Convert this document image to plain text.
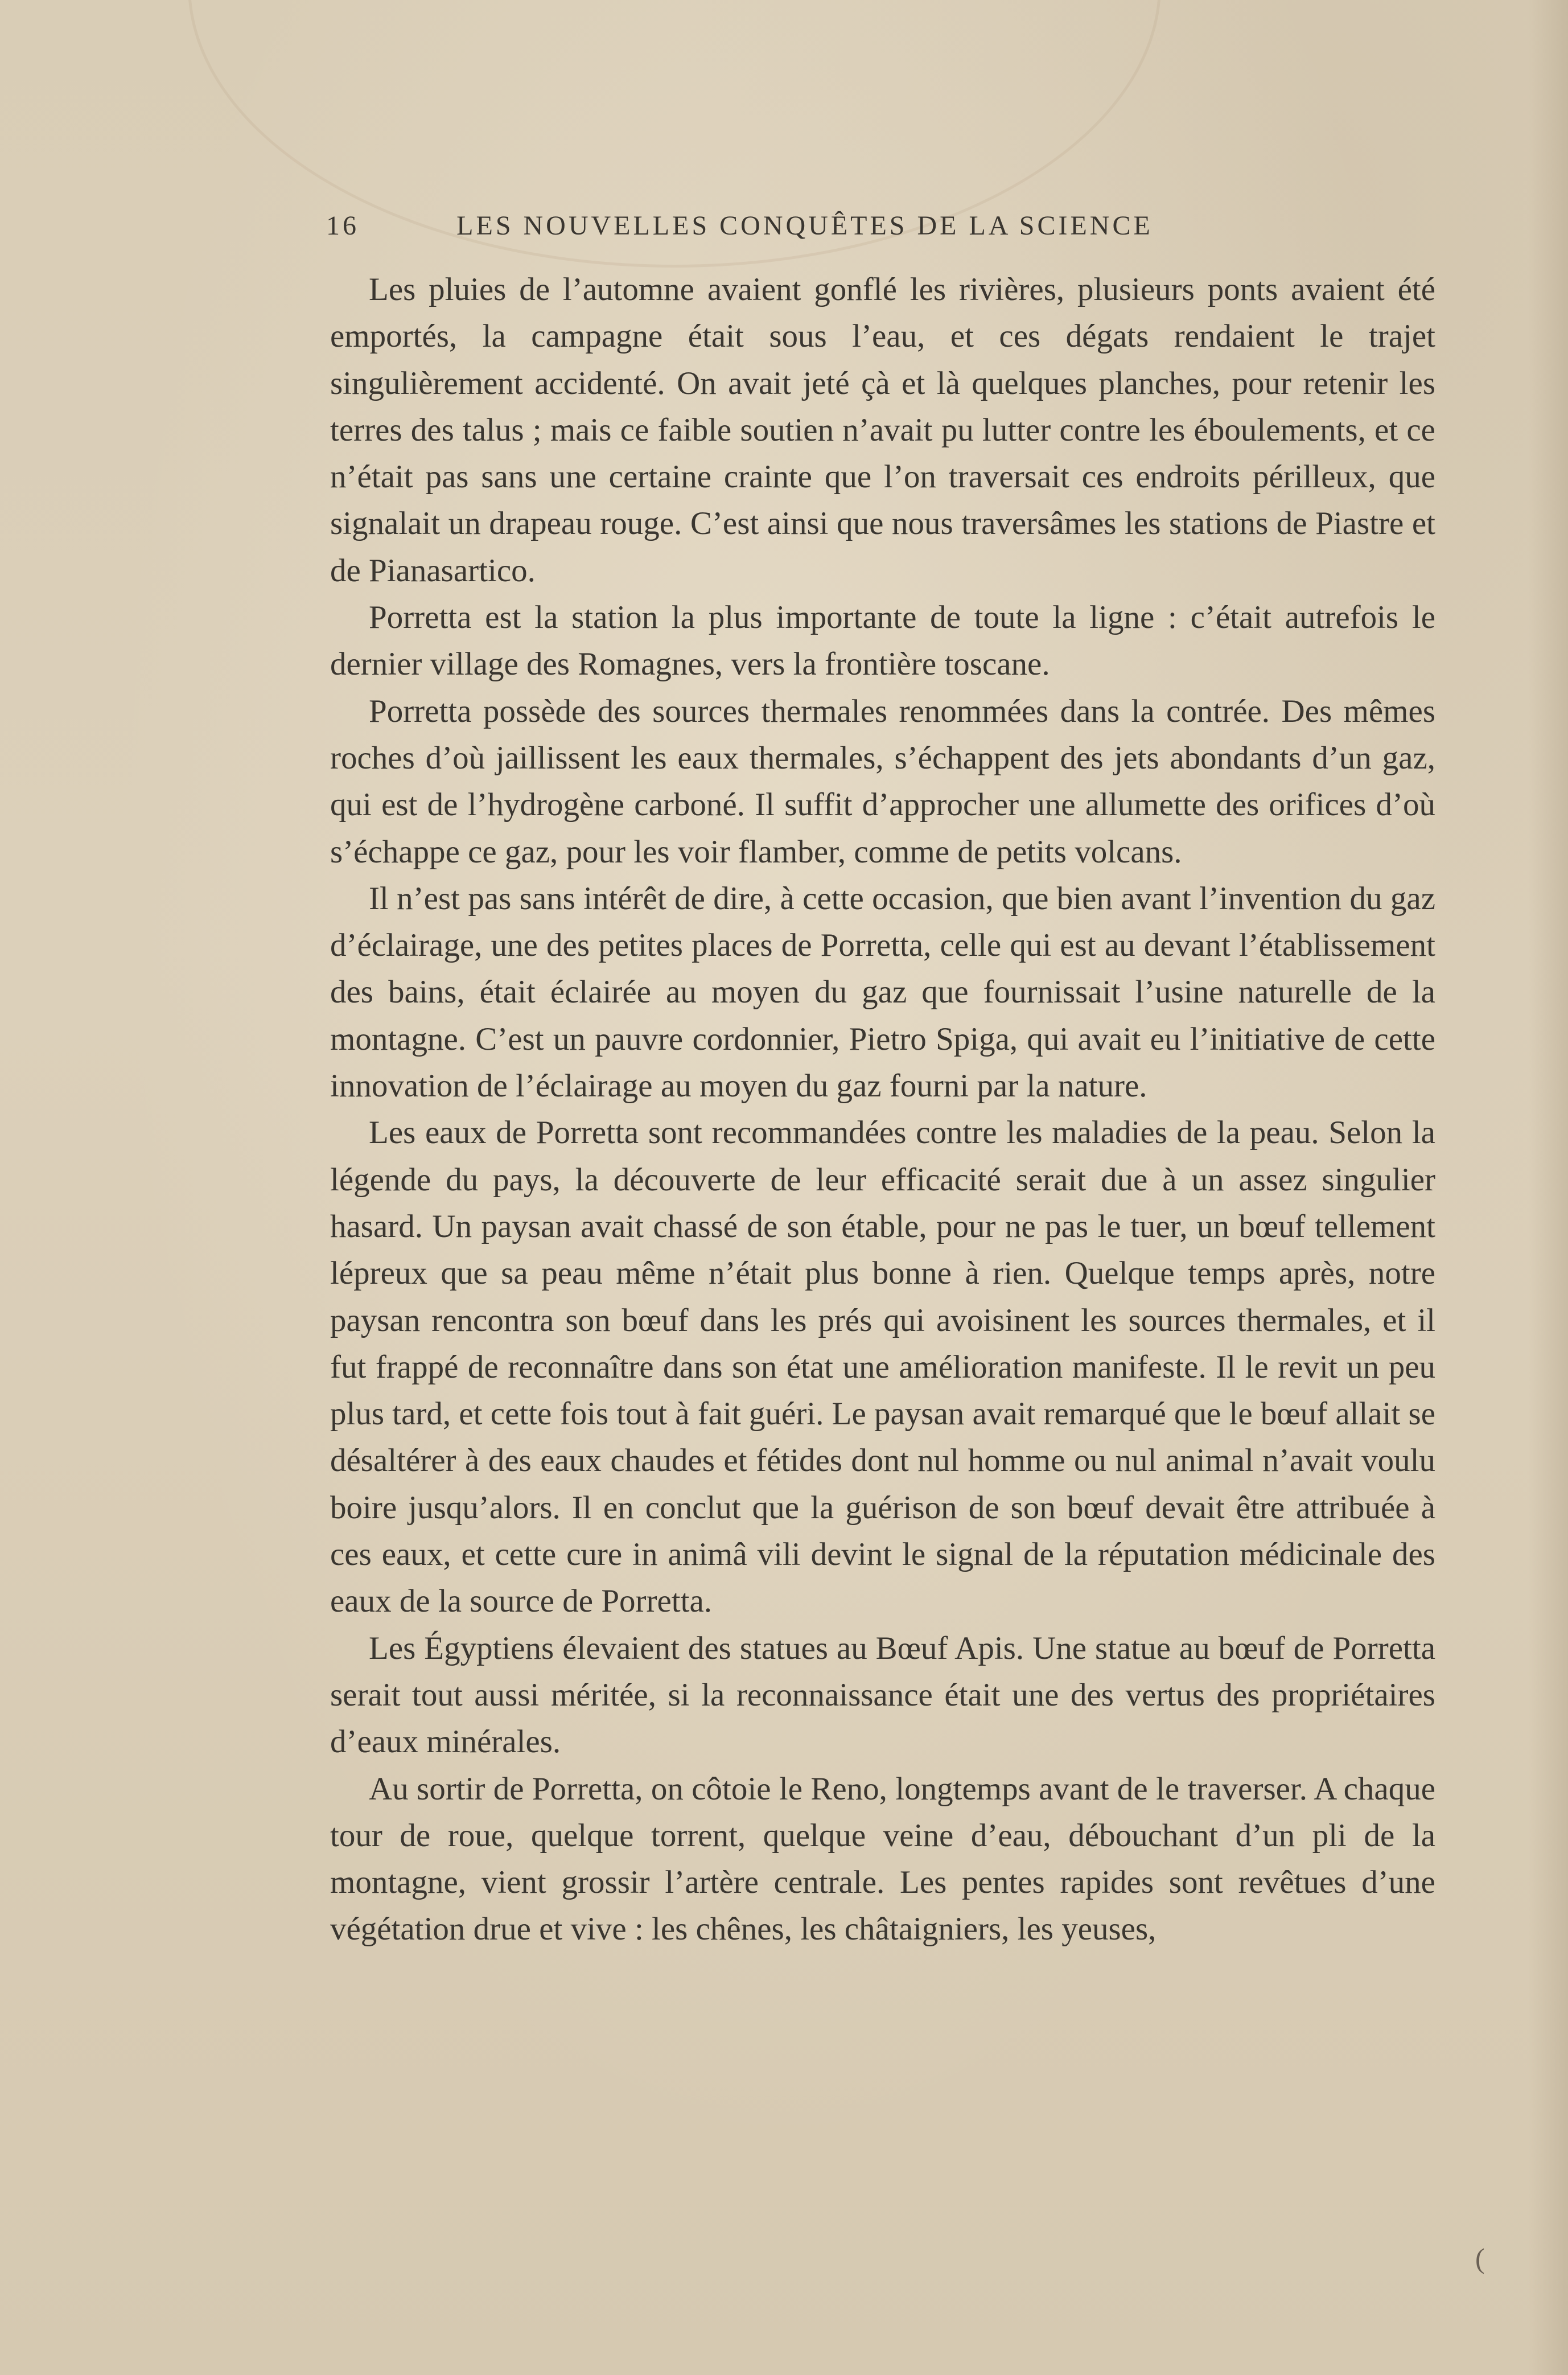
16	LES NOUVELLES CONQUÊTES DE LA SCIENCE

Les pluies de l’automne avaient gonflé les rivières, plusieurs ponts avaient été emportés, la campagne était sous l’eau, et ces dégats rendaient le trajet singulièrement accidenté. On avait jeté çà et là quelques planches, pour retenir les terres des talus ; mais ce faible soutien n’avait pu lutter contre les éboulements, et ce n’était pas sans une certaine crainte que l’on traversait ces endroits périlleux, que signalait un drapeau rouge. C’est ainsi que nous traversâmes les stations de Piastre et de Pianasartico.

Porretta est la station la plus importante de toute la ligne : c’était autrefois le dernier village des Romagnes, vers la frontière toscane.

Porretta possède des sources thermales renommées dans la contrée. Des mêmes roches d’où jaillissent les eaux thermales, s’échappent des jets abondants d’un gaz, qui est de l’hydrogène carboné. Il suffit d’approcher une allumette des orifices d’où s’échappe ce gaz, pour les voir flamber, comme de petits volcans.

Il n’est pas sans intérêt de dire, à cette occasion, que bien avant l’invention du gaz d’éclairage, une des petites places de Porretta, celle qui est au devant l’établissement des bains, était éclairée au moyen du gaz que fournissait l’usine naturelle de la montagne. C’est un pauvre cordonnier, Pietro Spiga, qui avait eu l’initiative de cette innovation de l’éclairage au moyen du gaz fourni par la nature.

Les eaux de Porretta sont recommandées contre les maladies de la peau. Selon la légende du pays, la découverte de leur efficacité serait due à un assez singulier hasard. Un paysan avait chassé de son étable, pour ne pas le tuer, un bœuf tellement lépreux que sa peau même n’était plus bonne à rien. Quelque temps après, notre paysan rencontra son bœuf dans les prés qui avoisinent les sources thermales, et il fut frappé de reconnaître dans son état une amélioration manifeste. Il le revit un peu plus tard, et cette fois tout à fait guéri. Le paysan avait remarqué que le bœuf allait se désaltérer à des eaux chaudes et fétides dont nul homme ou nul animal n’avait voulu boire jusqu’alors. Il en conclut que la guérison de son bœuf devait être attribuée à ces eaux, et cette cure in animâ vili devint le signal de la réputation médicinale des eaux de la source de Porretta.

Les Égyptiens élevaient des statues au Bœuf Apis. Une statue au bœuf de Porretta serait tout aussi méritée, si la reconnaissance était une des vertus des propriétaires d’eaux minérales.

Au sortir de Porretta, on côtoie le Reno, longtemps avant de le traverser. A chaque tour de roue, quelque torrent, quelque veine d’eau, débouchant d’un pli de la montagne, vient grossir l’artère centrale. Les pentes rapides sont revêtues d’une végétation drue et vive : les chênes, les châtaigniers, les yeuses,

(
